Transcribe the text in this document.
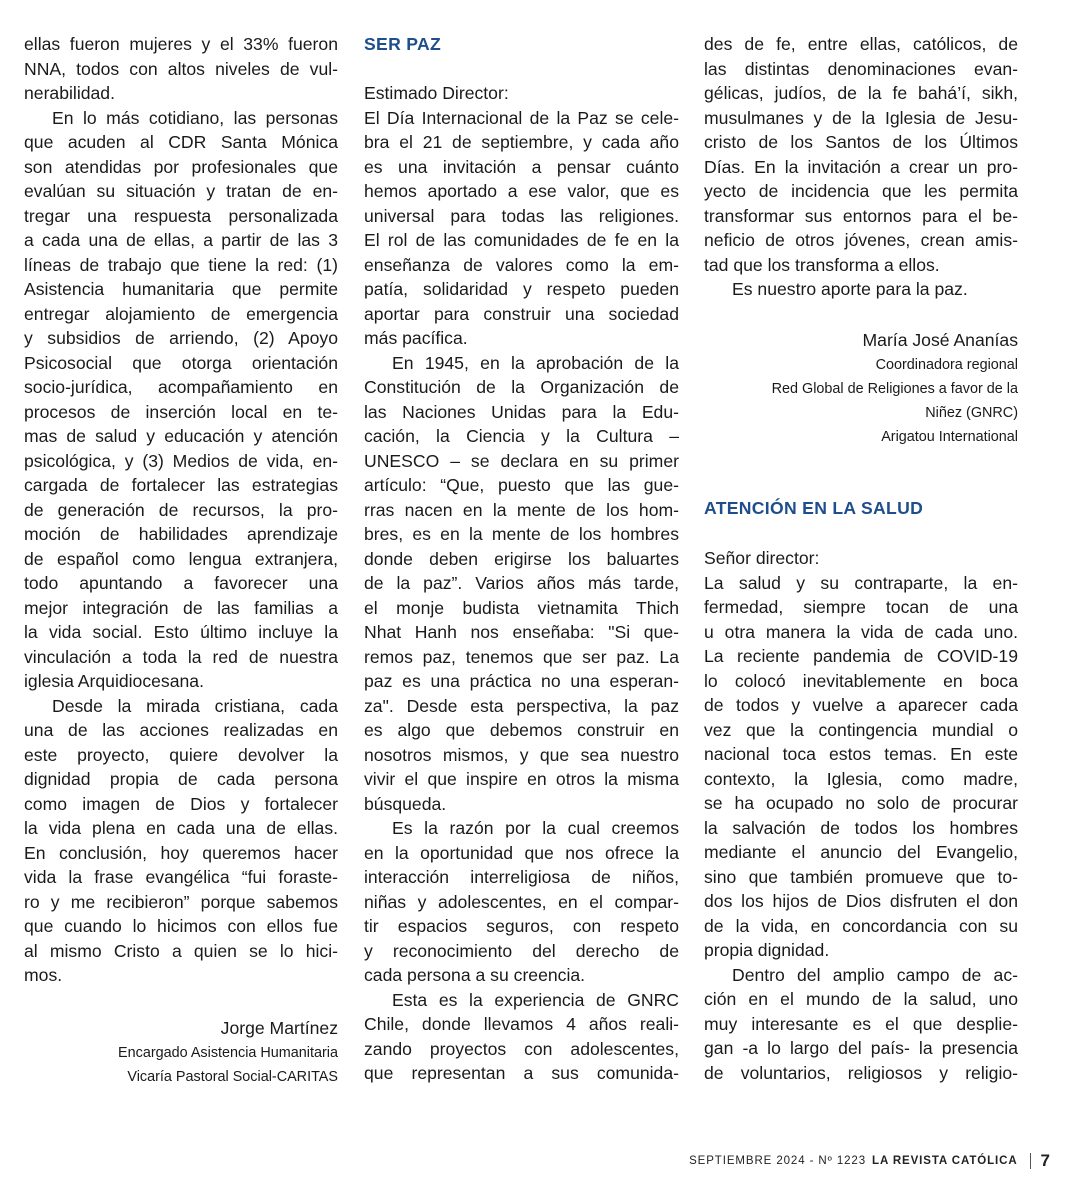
ellas fueron mujeres y el 33% fueron
NNA, todos con altos niveles de vul-
nerabilidad.
En lo más cotidiano, las personas
que acuden al CDR Santa Mónica
son atendidas por profesionales que
evalúan su situación y tratan de en-
tregar una respuesta personalizada
a cada una de ellas, a partir de las 3
líneas de trabajo que tiene la red: (1)
Asistencia humanitaria que permite
entregar alojamiento de emergencia
y subsidios de arriendo, (2) Apoyo
Psicosocial que otorga orientación
socio-jurídica, acompañamiento en
procesos de inserción local en te-
mas de salud y educación y atención
psicológica, y (3) Medios de vida, en-
cargada de fortalecer las estrategias
de generación de recursos, la pro-
moción de habilidades aprendizaje
de español como lengua extranjera,
todo apuntando a favorecer una
mejor integración de las familias a
la vida social. Esto último incluye la
vinculación a toda la red de nuestra
iglesia Arquidiocesana.
Desde la mirada cristiana, cada
una de las acciones realizadas en
este proyecto, quiere devolver la
dignidad propia de cada persona
como imagen de Dios y fortalecer
la vida plena en cada una de ellas.
En conclusión, hoy queremos hacer
vida la frase evangélica “fui foraste-
ro y me recibieron” porque sabemos
que cuando lo hicimos con ellos fue
al mismo Cristo a quien se lo hici-
mos.
Jorge Martínez
Encargado Asistencia Humanitaria
Vicaría Pastoral Social-CARITAS
SER PAZ
Estimado Director:
El Día Internacional de la Paz se cele-
bra el 21 de septiembre, y cada año
es una invitación a pensar cuánto
hemos aportado a ese valor, que es
universal para todas las religiones.
El rol de las comunidades de fe en la
enseñanza de valores como la em-
patía, solidaridad y respeto pueden
aportar para construir una sociedad
más pacífica.
En 1945, en la aprobación de la
Constitución de la Organización de
las Naciones Unidas para la Edu-
cación, la Ciencia y la Cultura –
UNESCO – se declara en su primer
artículo: “Que, puesto que las gue-
rras nacen en la mente de los hom-
bres, es en la mente de los hombres
donde deben erigirse los baluartes
de la paz”. Varios años más tarde,
el monje budista vietnamita Thich
Nhat Hanh nos enseñaba: "Si que-
remos paz, tenemos que ser paz. La
paz es una práctica no una esperan-
za". Desde esta perspectiva, la paz
es algo que debemos construir en
nosotros mismos, y que sea nuestro
vivir el que inspire en otros la misma
búsqueda.
Es la razón por la cual creemos
en la oportunidad que nos ofrece la
interacción interreligiosa de niños,
niñas y adolescentes, en el compar-
tir espacios seguros, con respeto
y reconocimiento del derecho de
cada persona a su creencia.
Esta es la experiencia de GNRC
Chile, donde llevamos 4 años reali-
zando proyectos con adolescentes,
que representan a sus comunida-
ATENCIÓN EN LA SALUD
des de fe, entre ellas, católicos, de
las distintas denominaciones evan-
gélicas, judíos, de la fe bahá’í, sikh,
musulmanes y de la Iglesia de Jesu-
cristo de los Santos de los Últimos
Días. En la invitación a crear un pro-
yecto de incidencia que les permita
transformar sus entornos para el be-
neficio de otros jóvenes, crean amis-
tad que los transforma a ellos.
Es nuestro aporte para la paz.
María José Ananías
Coordinadora regional
Red Global de Religiones a favor de la
Niñez (GNRC)
Arigatou International
Señor director:
La salud y su contraparte, la en-
fermedad, siempre tocan de una
u otra manera la vida de cada uno.
La reciente pandemia de COVID-19
lo colocó inevitablemente en boca
de todos y vuelve a aparecer cada
vez que la contingencia mundial o
nacional toca estos temas. En este
contexto, la Iglesia, como madre,
se ha ocupado no solo de procurar
la salvación de todos los hombres
mediante el anuncio del Evangelio,
sino que también promueve que to-
dos los hijos de Dios disfruten el don
de la vida, en concordancia con su
propia dignidad.
Dentro del amplio campo de ac-
ción en el mundo de la salud, uno
muy interesante es el que desplie-
gan -a lo largo del país- la presencia
de voluntarios, religiosos y religio-
SEPTIEMBRE 2024 - Nº 1223 LA REVISTA CATÓLICA 7
